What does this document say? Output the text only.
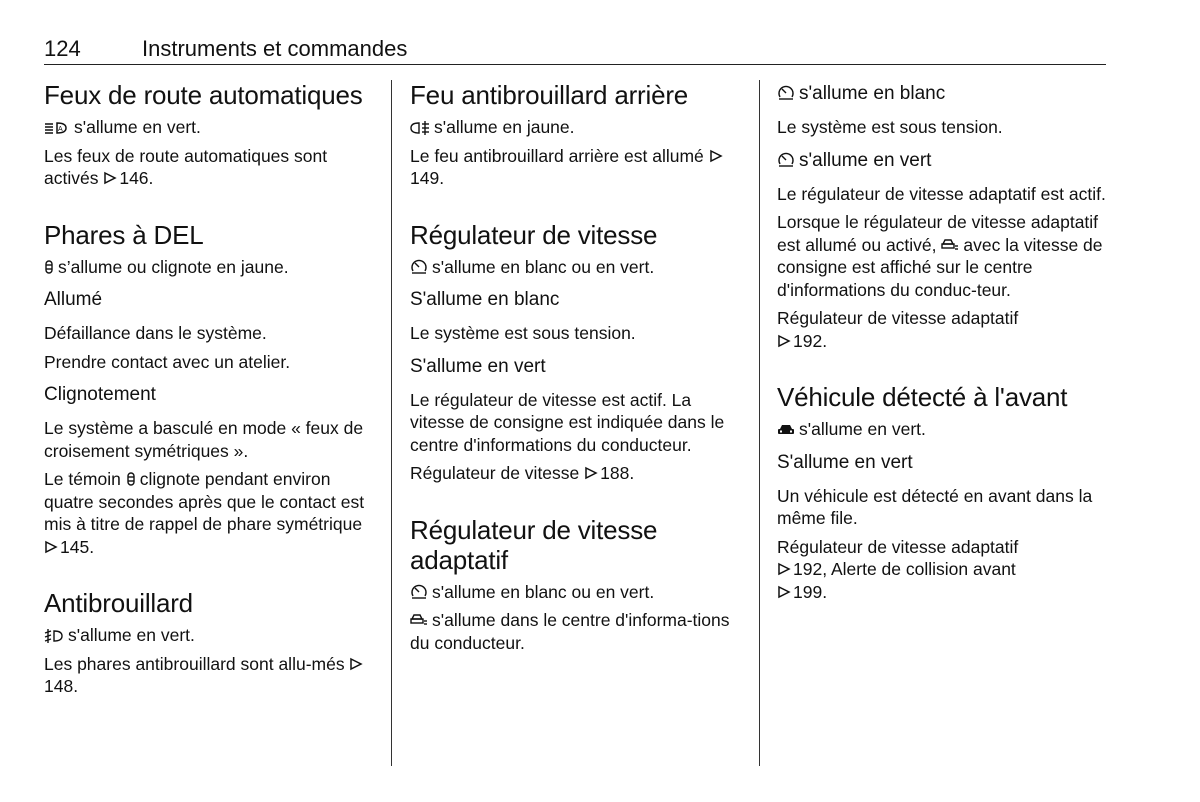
124	Instruments et commandes
Feux de route automatiques

A s'allume en vert.

Les feux de route automatiques sont activés 146.

Phares à DEL

s’allume ou clignote en jaune.

Allumé

Défaillance dans le système.

Prendre contact avec un atelier.

Clignotement

Le système a basculé en mode « feux de croisement symétriques ».

Le témoin clignote pendant environ quatre secondes après que le contact est mis à titre de rappel de phare symétrique
145.

Antibrouillard

s'allume en vert.

Les phares antibrouillard sont allu-més
148.

Feu antibrouillard arrière

s'allume en jaune.

Le feu antibrouillard arrière est allumé
149.

Régulateur de vitesse

s'allume en blanc ou en vert.

S'allume en blanc

Le système est sous tension.

S'allume en vert

Le régulateur de vitesse est actif. La vitesse de consigne est indiquée dans le centre d'informations du conducteur.

Régulateur de vitesse 188.

Régulateur de vitesse adaptatif

s'allume en blanc ou en vert.

s'allume dans le centre d'informa-tions du conducteur.

s'allume en blanc

Le système est sous tension.

s'allume en vert

Le régulateur de vitesse adaptatif est actif.

Lorsque le régulateur de vitesse adaptatif est allumé ou activé, avec la vitesse de consigne est affiché sur le centre d'informations du conduc-teur.

Régulateur de vitesse adaptatif

192.

Véhicule détecté à l'avant

s'allume en vert.

S'allume en vert

Un véhicule est détecté en avant dans la même file.

Régulateur de vitesse adaptatif

192, Alerte de collision avant

199.
